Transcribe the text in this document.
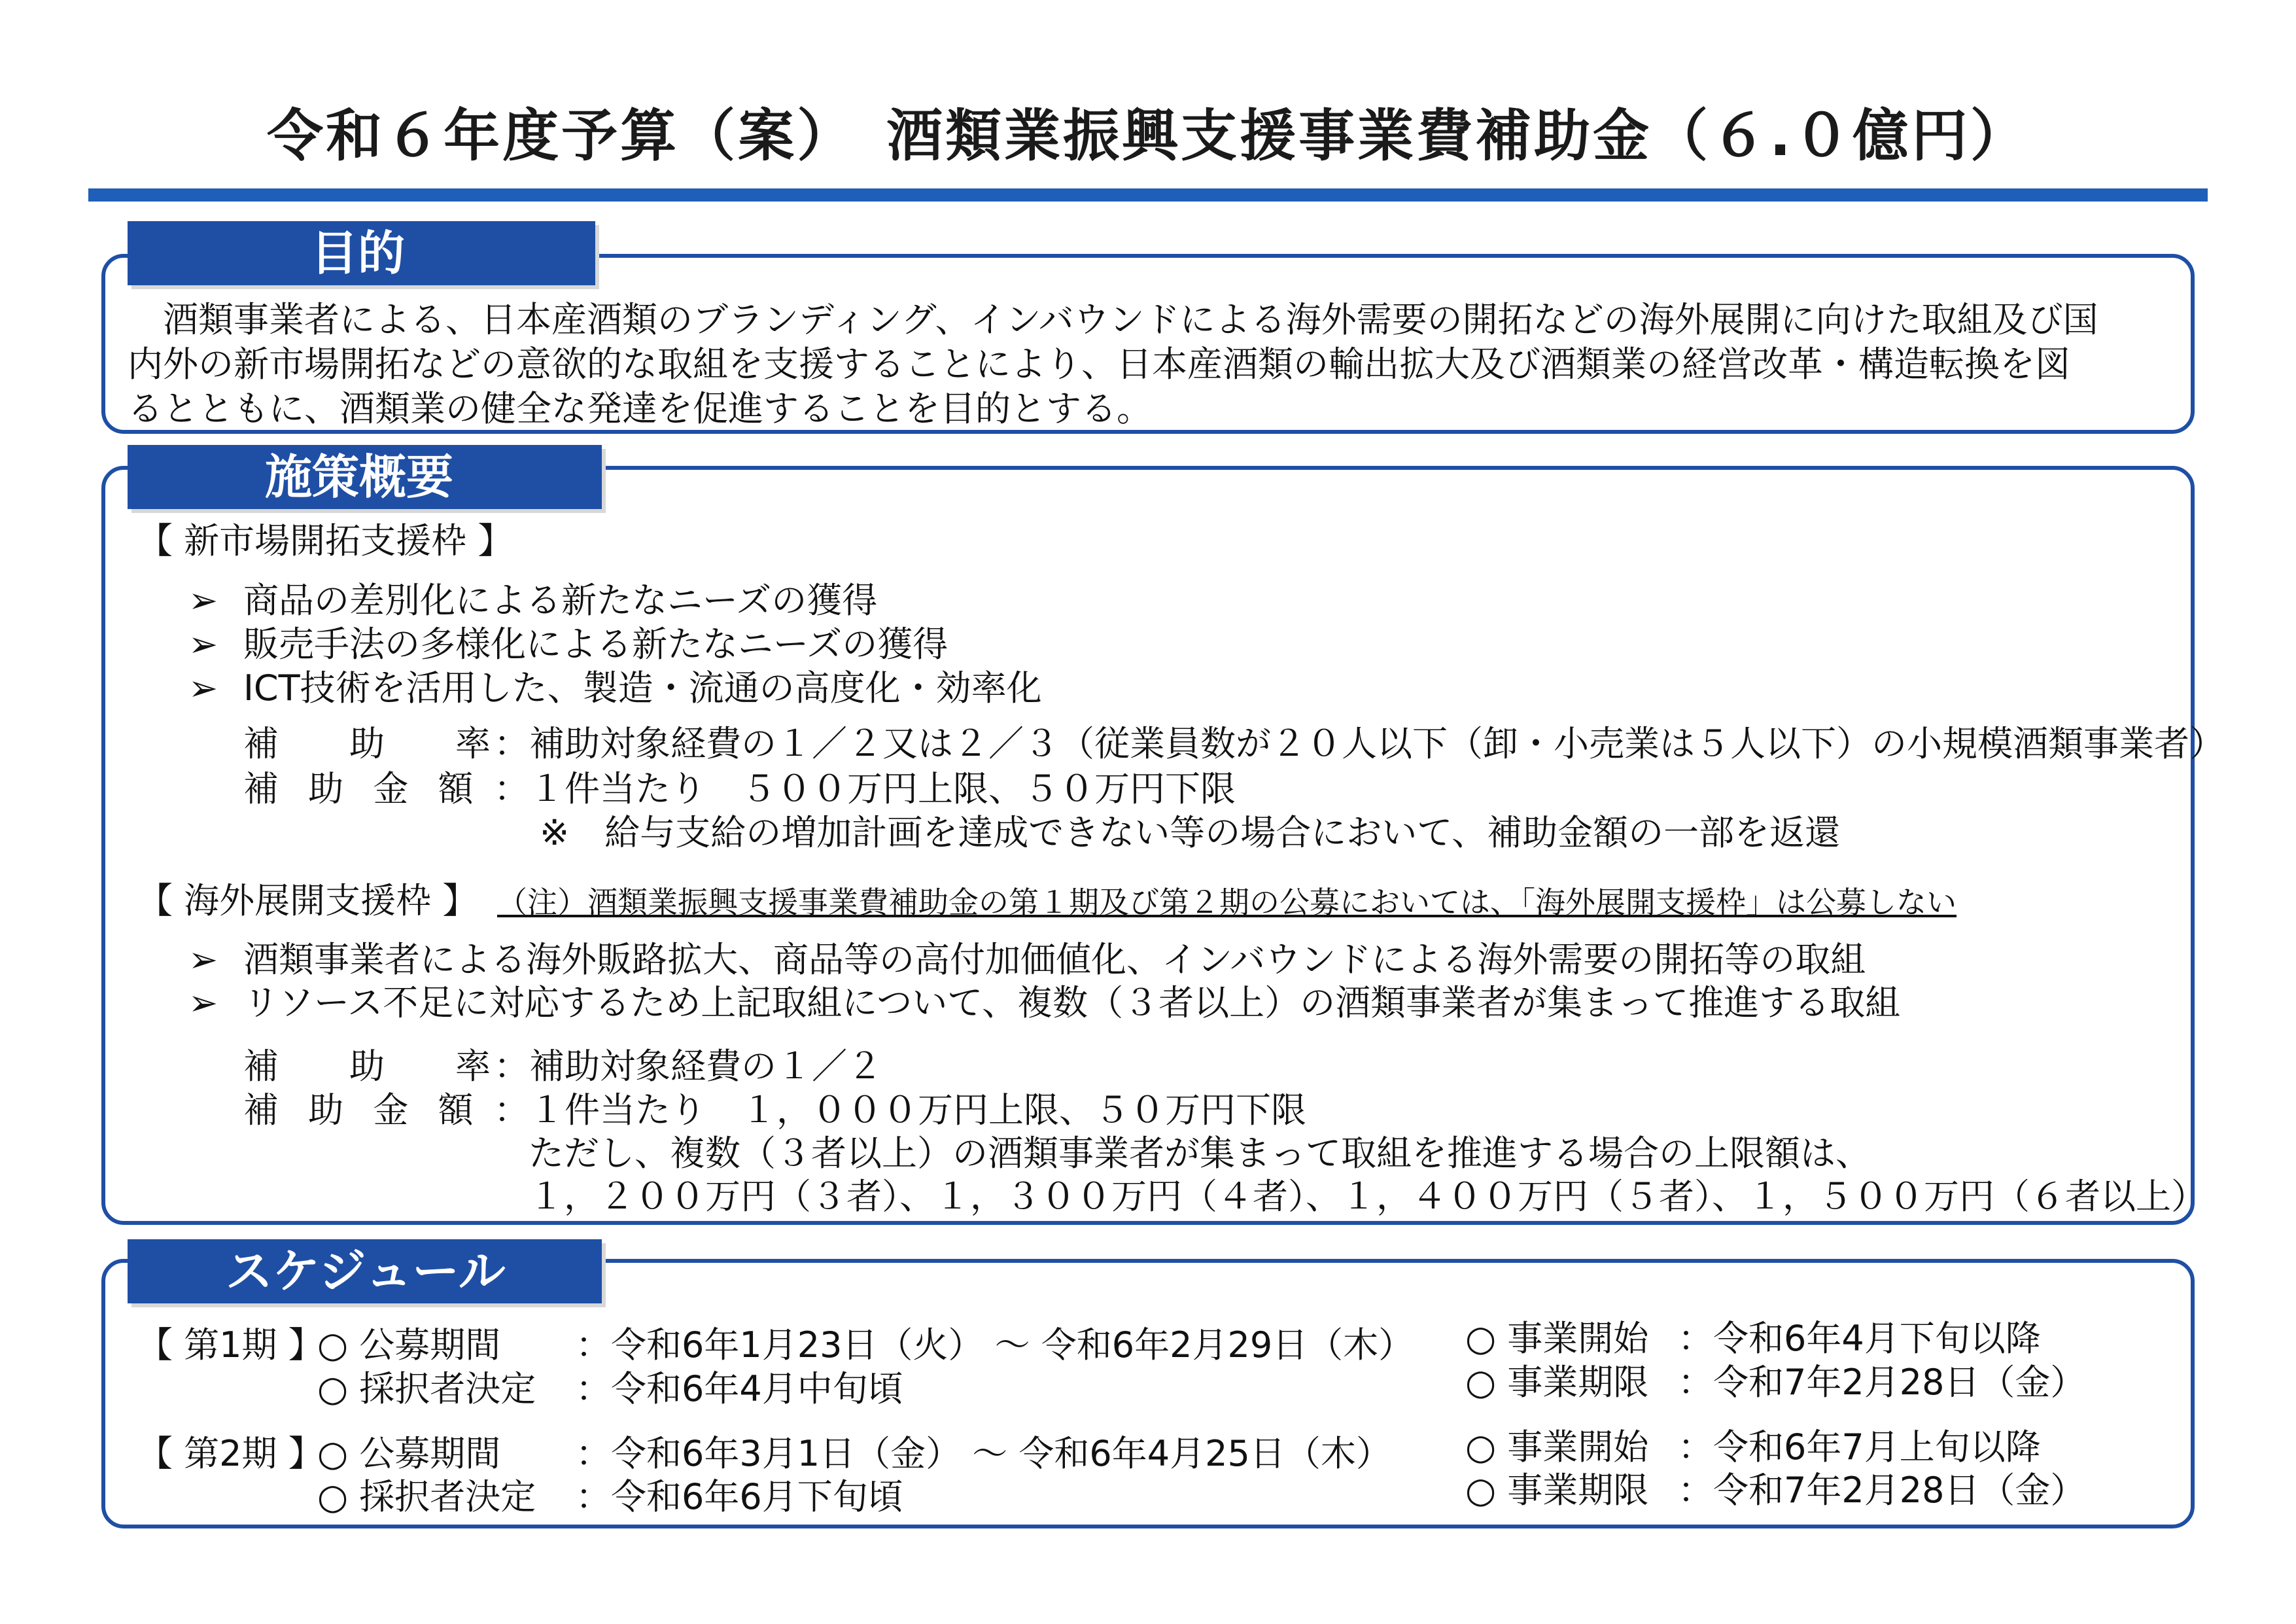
令和６年度予算（案）　酒類業振興支援事業費補助金（６.０億円）
目的
　酒類事業者による、日本産酒類のブランディング、インバウンドによる海外需要の開拓などの海外展開に向けた取組及び国
内外の新市場開拓などの意欲的な取組を支援することにより、日本産酒類の輸出拡大及び酒類業の経営改革・構造転換を図
るとともに、酒類業の健全な発達を促進することを目的とする。
施策概要
【 新市場開拓支援枠 】
➢ 商品の差別化による新たなニーズの獲得
➢ 販売手法の多様化による新たなニーズの獲得
➢ ICT技術を活用した、製造・流通の高度化・効率化
補　　助　　率 ：補助対象経費の１／２又は２／３（従業員数が２０人以下（卸・小売業は５人以下）の小規模酒類事業者）
補 助 金 額 ：１件当たり　５００万円上限、５０万円下限
※　給与支給の増加計画を達成できない等の場合において、補助金額の一部を返還
【 海外展開支援枠 】 （注）酒類業振興支援事業費補助金の第１期及び第２期の公募においては、「海外展開支援枠」は公募しない
➢ 酒類事業者による海外販路拡大、商品等の高付加価値化、インバウンドによる海外需要の開拓等の取組
➢ リソース不足に対応するため上記取組について、複数（３者以上）の酒類事業者が集まって推進する取組
補　　助　　率 ：補助対象経費の１／２
補 助 金 額 ：１件当たり　１，０００万円上限、５０万円下限
ただし、複数（３者以上）の酒類事業者が集まって取組を推進する場合の上限額は、
１，２００万円（３者）、１，３００万円（４者）、１，４００万円（５者）、１，５００万円（６者以上）
スケジュール
【 第1期 】
○ 公募期間 ：令和6年1月23日（火） ～ 令和6年2月29日（木）
○ 採択者決定 ：令和6年4月中旬頃
○ 事業開始 ：令和6年4月下旬以降
○ 事業期限 ：令和7年2月28日（金）
【 第2期 】
○ 公募期間 ：令和6年3月1日（金） ～ 令和6年4月25日（木）
○ 採択者決定 ：令和6年6月下旬頃
○ 事業開始 ：令和6年7月上旬以降
○ 事業期限 ：令和7年2月28日（金）
